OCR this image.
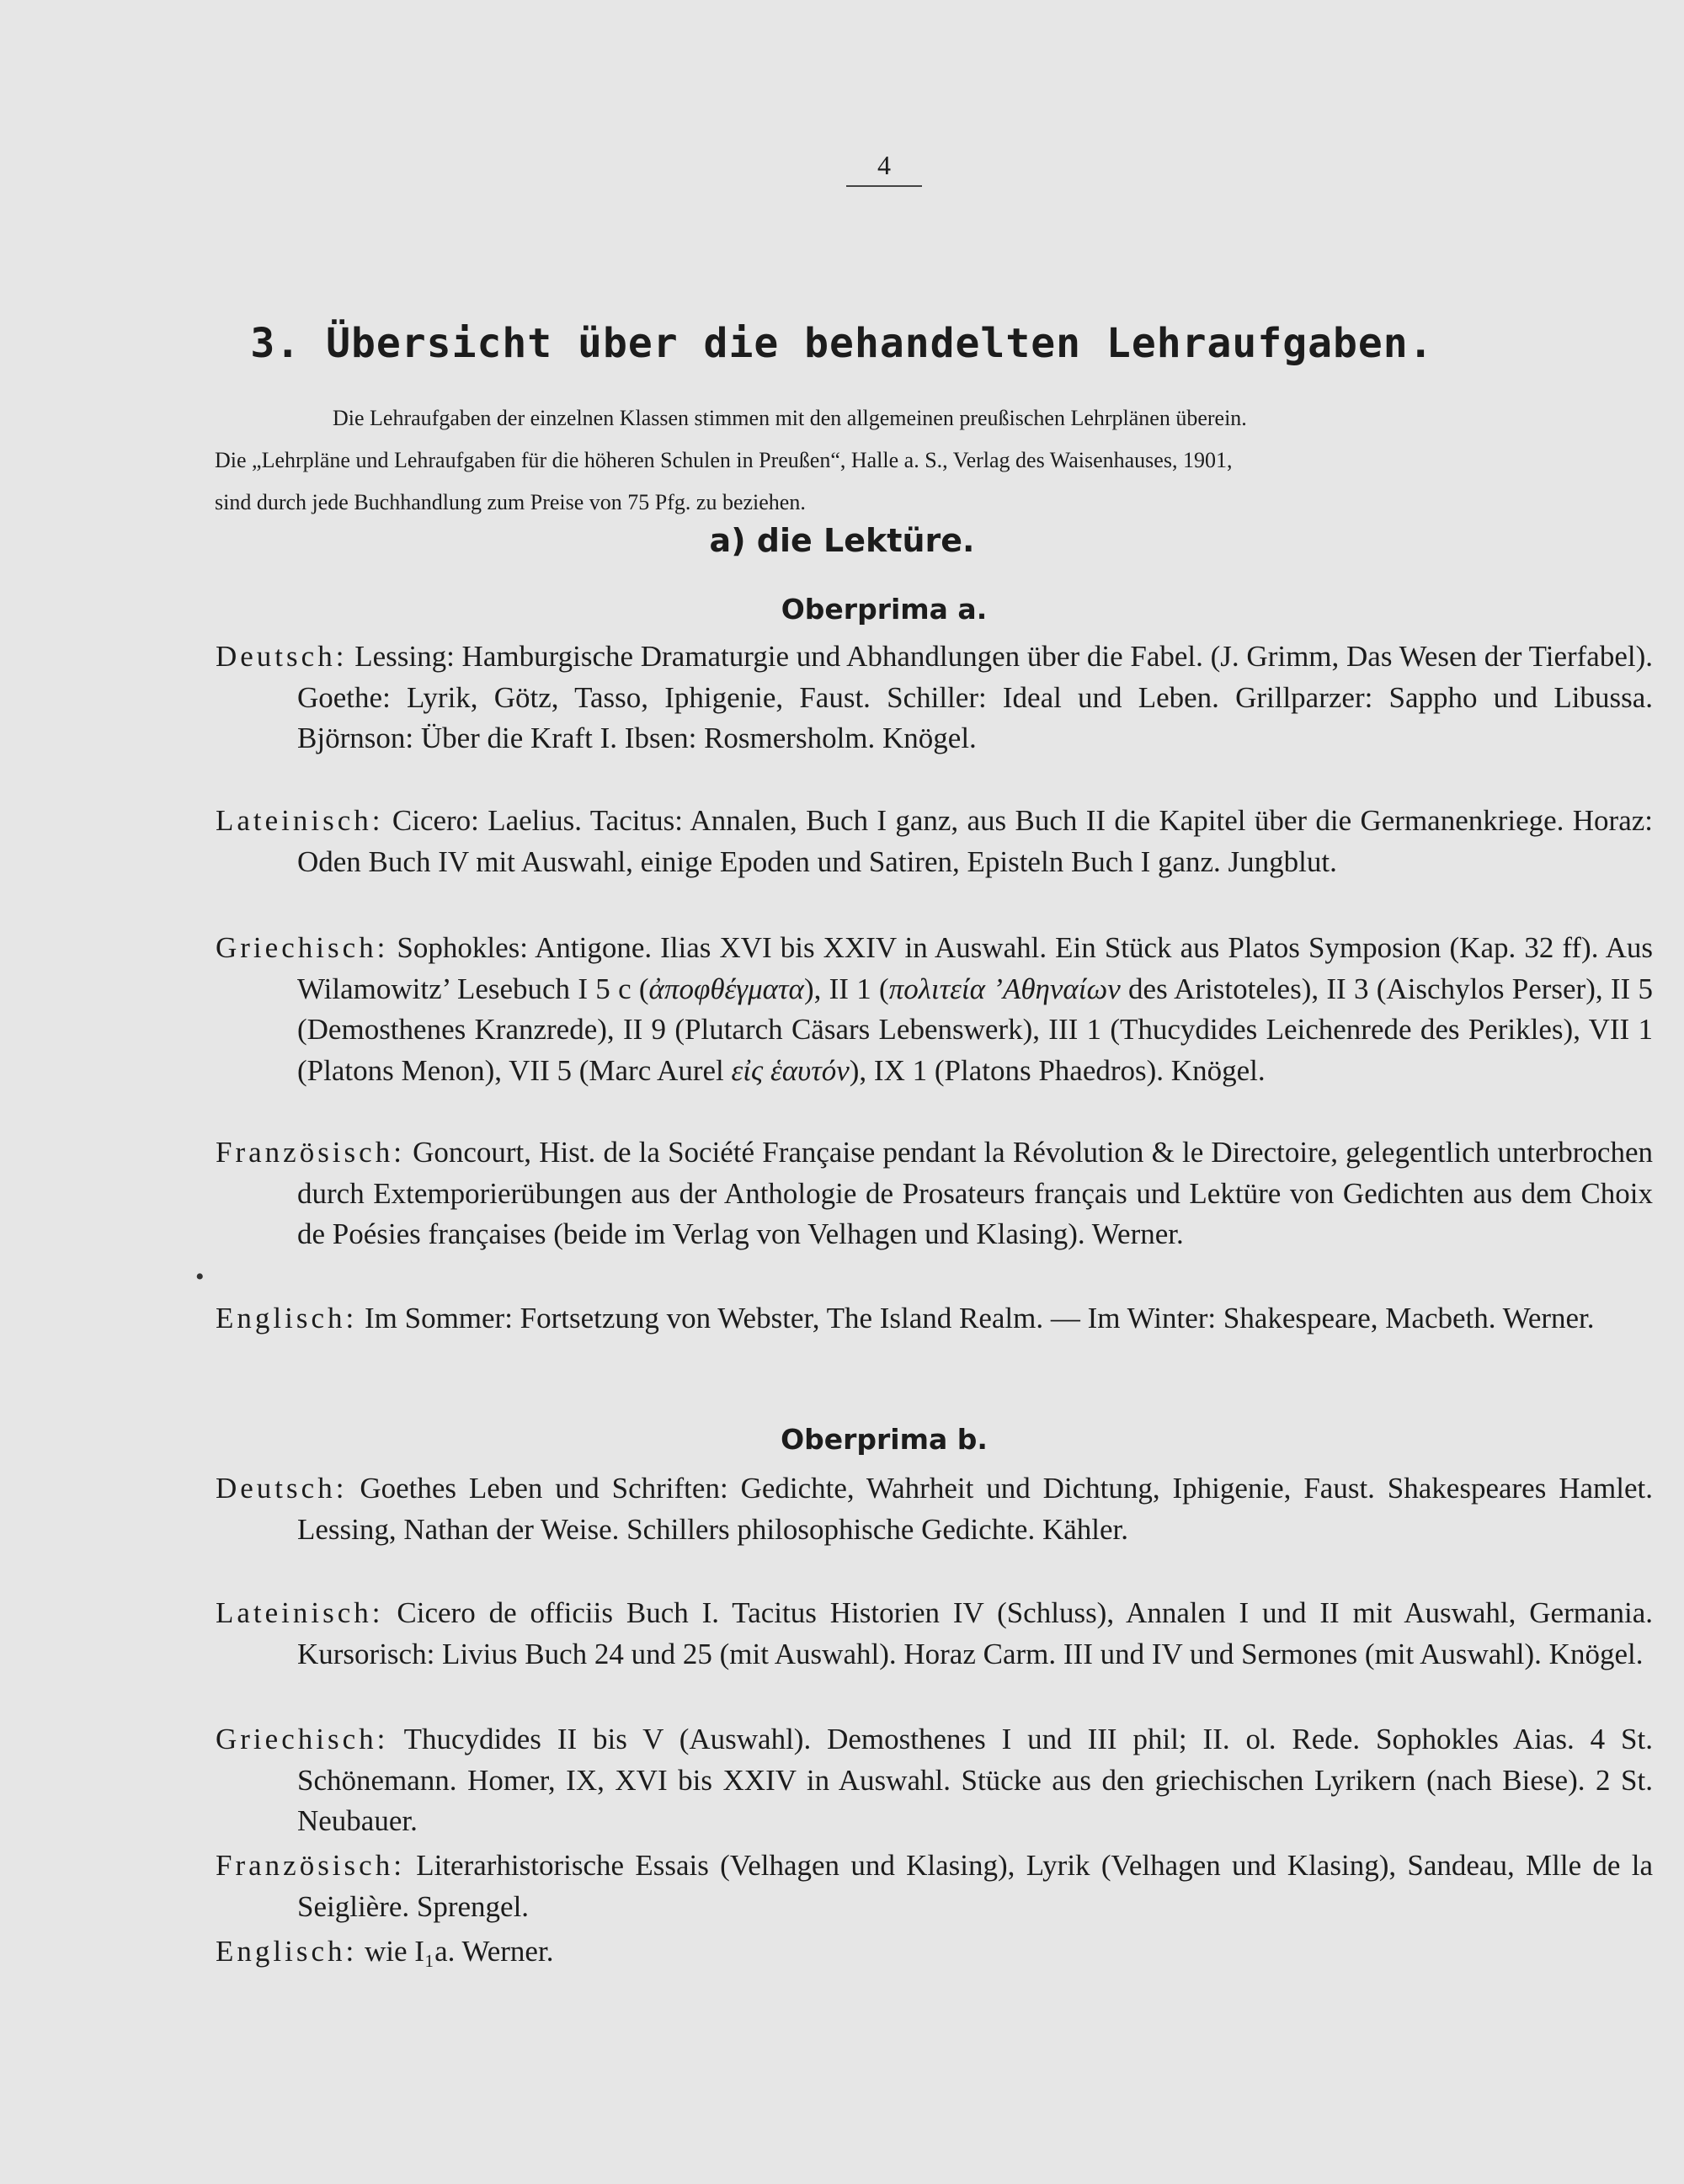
4
3. Übersicht über die behandelten Lehraufgaben.

Die Lehraufgaben der einzelnen Klassen stimmen mit den allgemeinen preußischen Lehrplänen überein.

Die „Lehrpläne und Lehraufgaben für die höheren Schulen in Preußen“, Halle a. S., Verlag des Waisenhauses, 1901,

sind durch jede Buchhandlung zum Preise von 75 Pfg. zu beziehen.

a) die Lektüre.
Oberprima a.
Deutsch: Lessing: Hamburgische Dramaturgie und Abhandlungen über die Fabel. (J. Grimm, Das Wesen der Tierfabel). Goethe: Lyrik, Götz, Tasso, Iphigenie, Faust. Schiller: Ideal und Leben. Grillparzer: Sappho und Libussa. Björnson: Über die Kraft I. Ibsen: Rosmersholm. Knögel.
Lateinisch: Cicero: Laelius. Tacitus: Annalen, Buch I ganz, aus Buch II die Kapitel über die Germanenkriege. Horaz: Oden Buch IV mit Auswahl, einige Epoden und Satiren, Episteln Buch I ganz. Jungblut.
Griechisch: Sophokles: Antigone. Ilias XVI bis XXIV in Auswahl. Ein Stück aus Platos Symposion (Kap. 32 ff). Aus Wilamowitz’ Lesebuch I 5 c (ἀποφθέγματα), II 1 (πολιτεία ’Αθηναίων des Aristoteles), II 3 (Aischylos Perser), II 5 (Demosthenes Kranzrede), II 9 (Plutarch Cäsars Lebenswerk), III 1 (Thucydides Leichenrede des Perikles), VII 1 (Platons Menon), VII 5 (Marc Aurel εἰς ἑαυτόν), IX 1 (Platons Phaedros). Knögel.
Französisch: Goncourt, Hist. de la Société Française pendant la Révolution & le Directoire, gelegentlich unterbrochen durch Extemporierübungen aus der Anthologie de Prosateurs français und Lektüre von Gedichten aus dem Choix de Poésies françaises (beide im Verlag von Velhagen und Klasing). Werner.
Englisch: Im Sommer: Fortsetzung von Webster, The Island Realm. — Im Winter: Shakespeare, Macbeth. Werner.
Oberprima b.
Deutsch: Goethes Leben und Schriften: Gedichte, Wahrheit und Dichtung, Iphigenie, Faust. Shakespeares Hamlet. Lessing, Nathan der Weise. Schillers philosophische Gedichte. Kähler.
Lateinisch: Cicero de officiis Buch I. Tacitus Historien IV (Schluss), Annalen I und II mit Auswahl, Germania. Kursorisch: Livius Buch 24 und 25 (mit Auswahl). Horaz Carm. III und IV und Sermones (mit Auswahl). Knögel.
Griechisch: Thucydides II bis V (Auswahl). Demosthenes I und III phil; II. ol. Rede. Sophokles Aias. 4 St. Schönemann. Homer, IX, XVI bis XXIV in Auswahl. Stücke aus den griechischen Lyrikern (nach Biese). 2 St. Neubauer.
Französisch: Literarhistorische Essais (Velhagen und Klasing), Lyrik (Velhagen und Klasing), Sandeau, Mlle de la Seiglière. Sprengel.
Englisch: wie I₁a. Werner.
•
